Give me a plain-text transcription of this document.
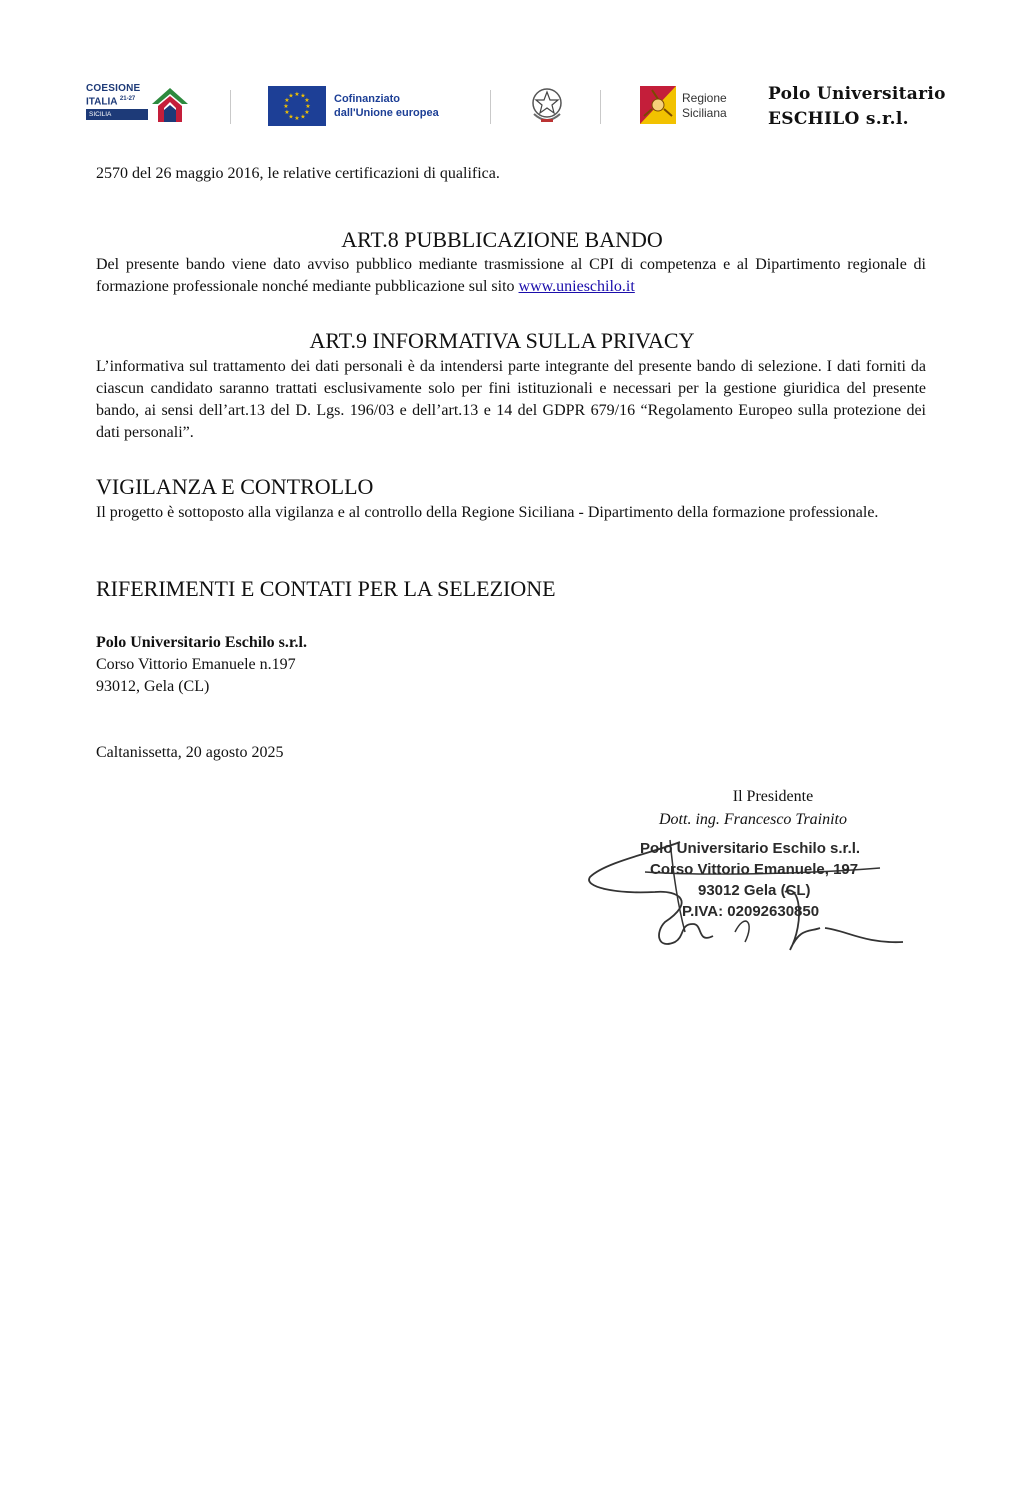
COESIONE
ITALIA $^{21-27}$
SICILIA
★ ★
★
★
★
★
★
★
★
★
★
★	Cofinanziato
dall'Unione europea
Regione
Siciliana
Polo Universitario
ESCHILO s.r.l.
2570 del 26 maggio 2016, le relative certificazioni di qualifica.
ART.8 PUBBLICAZIONE BANDO
Del presente bando viene dato avviso pubblico mediante trasmissione al CPI di competenza e al Dipartimento regionale di formazione professionale nonché mediante pubblicazione sul sito www.unieschilo.it
ART.9 INFORMATIVA SULLA PRIVACY
L’informativa sul trattamento dei dati personali è da intendersi parte integrante del presente bando di selezione. I dati forniti da ciascun candidato saranno trattati esclusivamente solo per fini istituzionali e necessari per la gestione giuridica del presente bando, ai sensi dell’art.13 del D. Lgs. 196/03 e dell’art.13 e 14 del GDPR 679/16 “Regolamento Europeo sulla protezione dei dati personali”.
VIGILANZA E CONTROLLO
Il progetto è sottoposto alla vigilanza e al controllo della Regione Siciliana - Dipartimento della formazione professionale.
RIFERIMENTI E CONTATI PER LA SELEZIONE
Polo Universitario Eschilo s.r.l.
Corso Vittorio Emanuele n.197
93012, Gela (CL)
Caltanissetta, 20 agosto 2025
Il Presidente
Dott. ing. Francesco Trainito
Polo Universitario Eschilo s.r.l.
Corso Vittorio Emanuele, 197
93012 Gela (CL)
P.IVA: 02092630850
